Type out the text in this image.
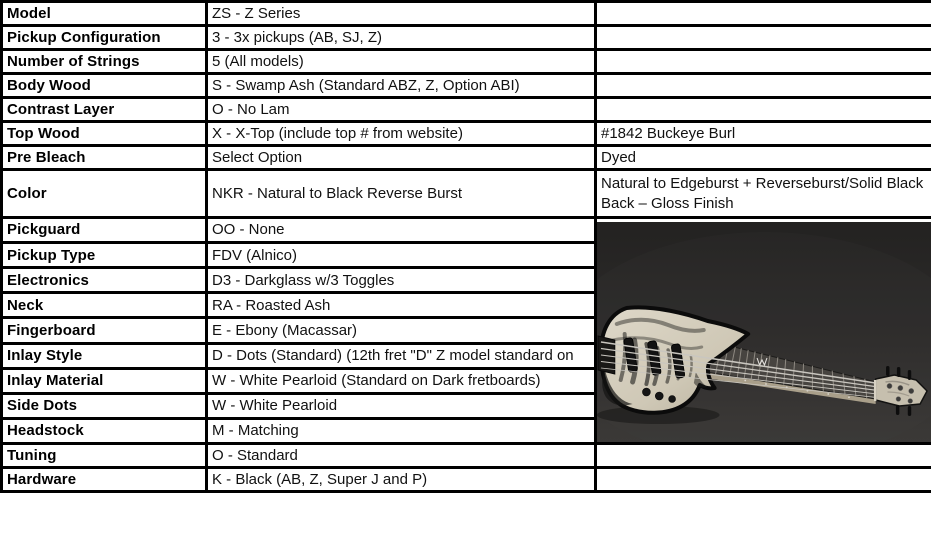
Model	ZS - Z Series	
Pickup Configuration	3 - 3x pickups (AB, SJ, Z)	
Number of Strings	5 (All models)	
Body Wood	S - Swamp Ash (Standard ABZ, Z, Option ABI)	
Contrast Layer	O - No Lam	
Top Wood	X - X-Top (include top # from website)	#1842 Buckeye Burl
Pre Bleach	Select Option	Dyed
Color	NKR - Natural to Black Reverse Burst	Natural to Edgeburst + Reverseburst/Solid Black Back – Gloss Finish
Pickguard	OO - None	

Pickup Type	FDV (Alnico)	
Electronics	D3 - Darkglass w/3 Toggles	
Neck	RA - Roasted Ash	
Fingerboard	E - Ebony (Macassar)	
Inlay Style	D - Dots (Standard) (12th fret "D" Z model standard on	
Inlay Material	W - White Pearloid (Standard on Dark fretboards)	
Side Dots	W - White Pearloid	
Headstock	M - Matching	
Tuning	O - Standard	
Hardware	K - Black (AB, Z, Super J and P)	
